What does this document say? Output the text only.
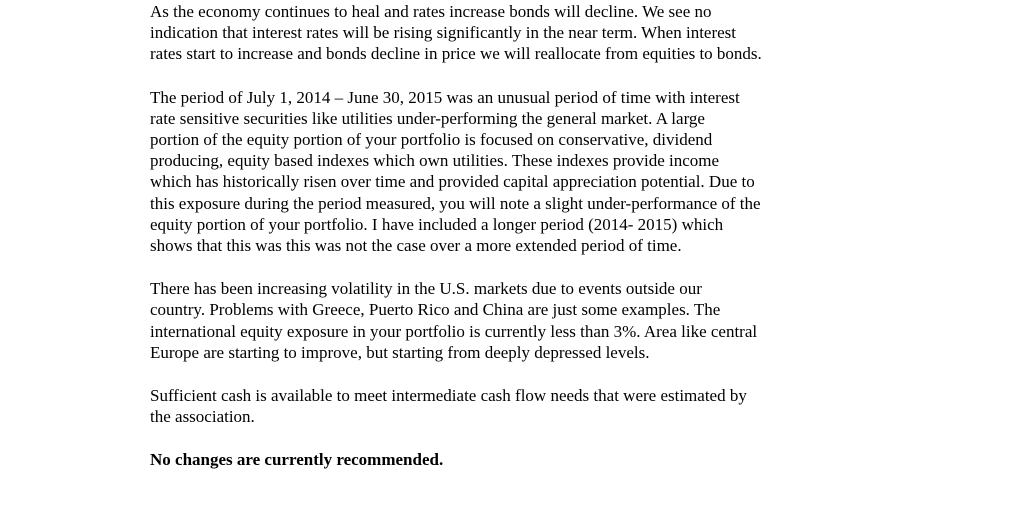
As the economy continues to heal and rates increase bonds will decline. We see no
indication that interest rates will be rising significantly in the near term. When interest
rates start to increase and bonds decline in price we will reallocate from equities to bonds.

The period of July 1, 2014 – June 30, 2015 was an unusual period of time with interest
rate sensitive securities like utilities under-performing the general market. A large
portion of the equity portion of your portfolio is focused on conservative, dividend
producing, equity based indexes which own utilities. These indexes provide income
which has historically risen over time and provided capital appreciation potential. Due to
this exposure during the period measured, you will note a slight under-performance of the
equity portion of your portfolio. I have included a longer period (2014- 2015) which
shows that this was this was not the case over a more extended period of time.

There has been increasing volatility in the U.S. markets due to events outside our
country. Problems with Greece, Puerto Rico and China are just some examples. The
international equity exposure in your portfolio is currently less than 3%. Area like central
Europe are starting to improve, but starting from deeply depressed levels.

Sufficient cash is available to meet intermediate cash flow needs that were estimated by
the association.

No changes are currently recommended.
